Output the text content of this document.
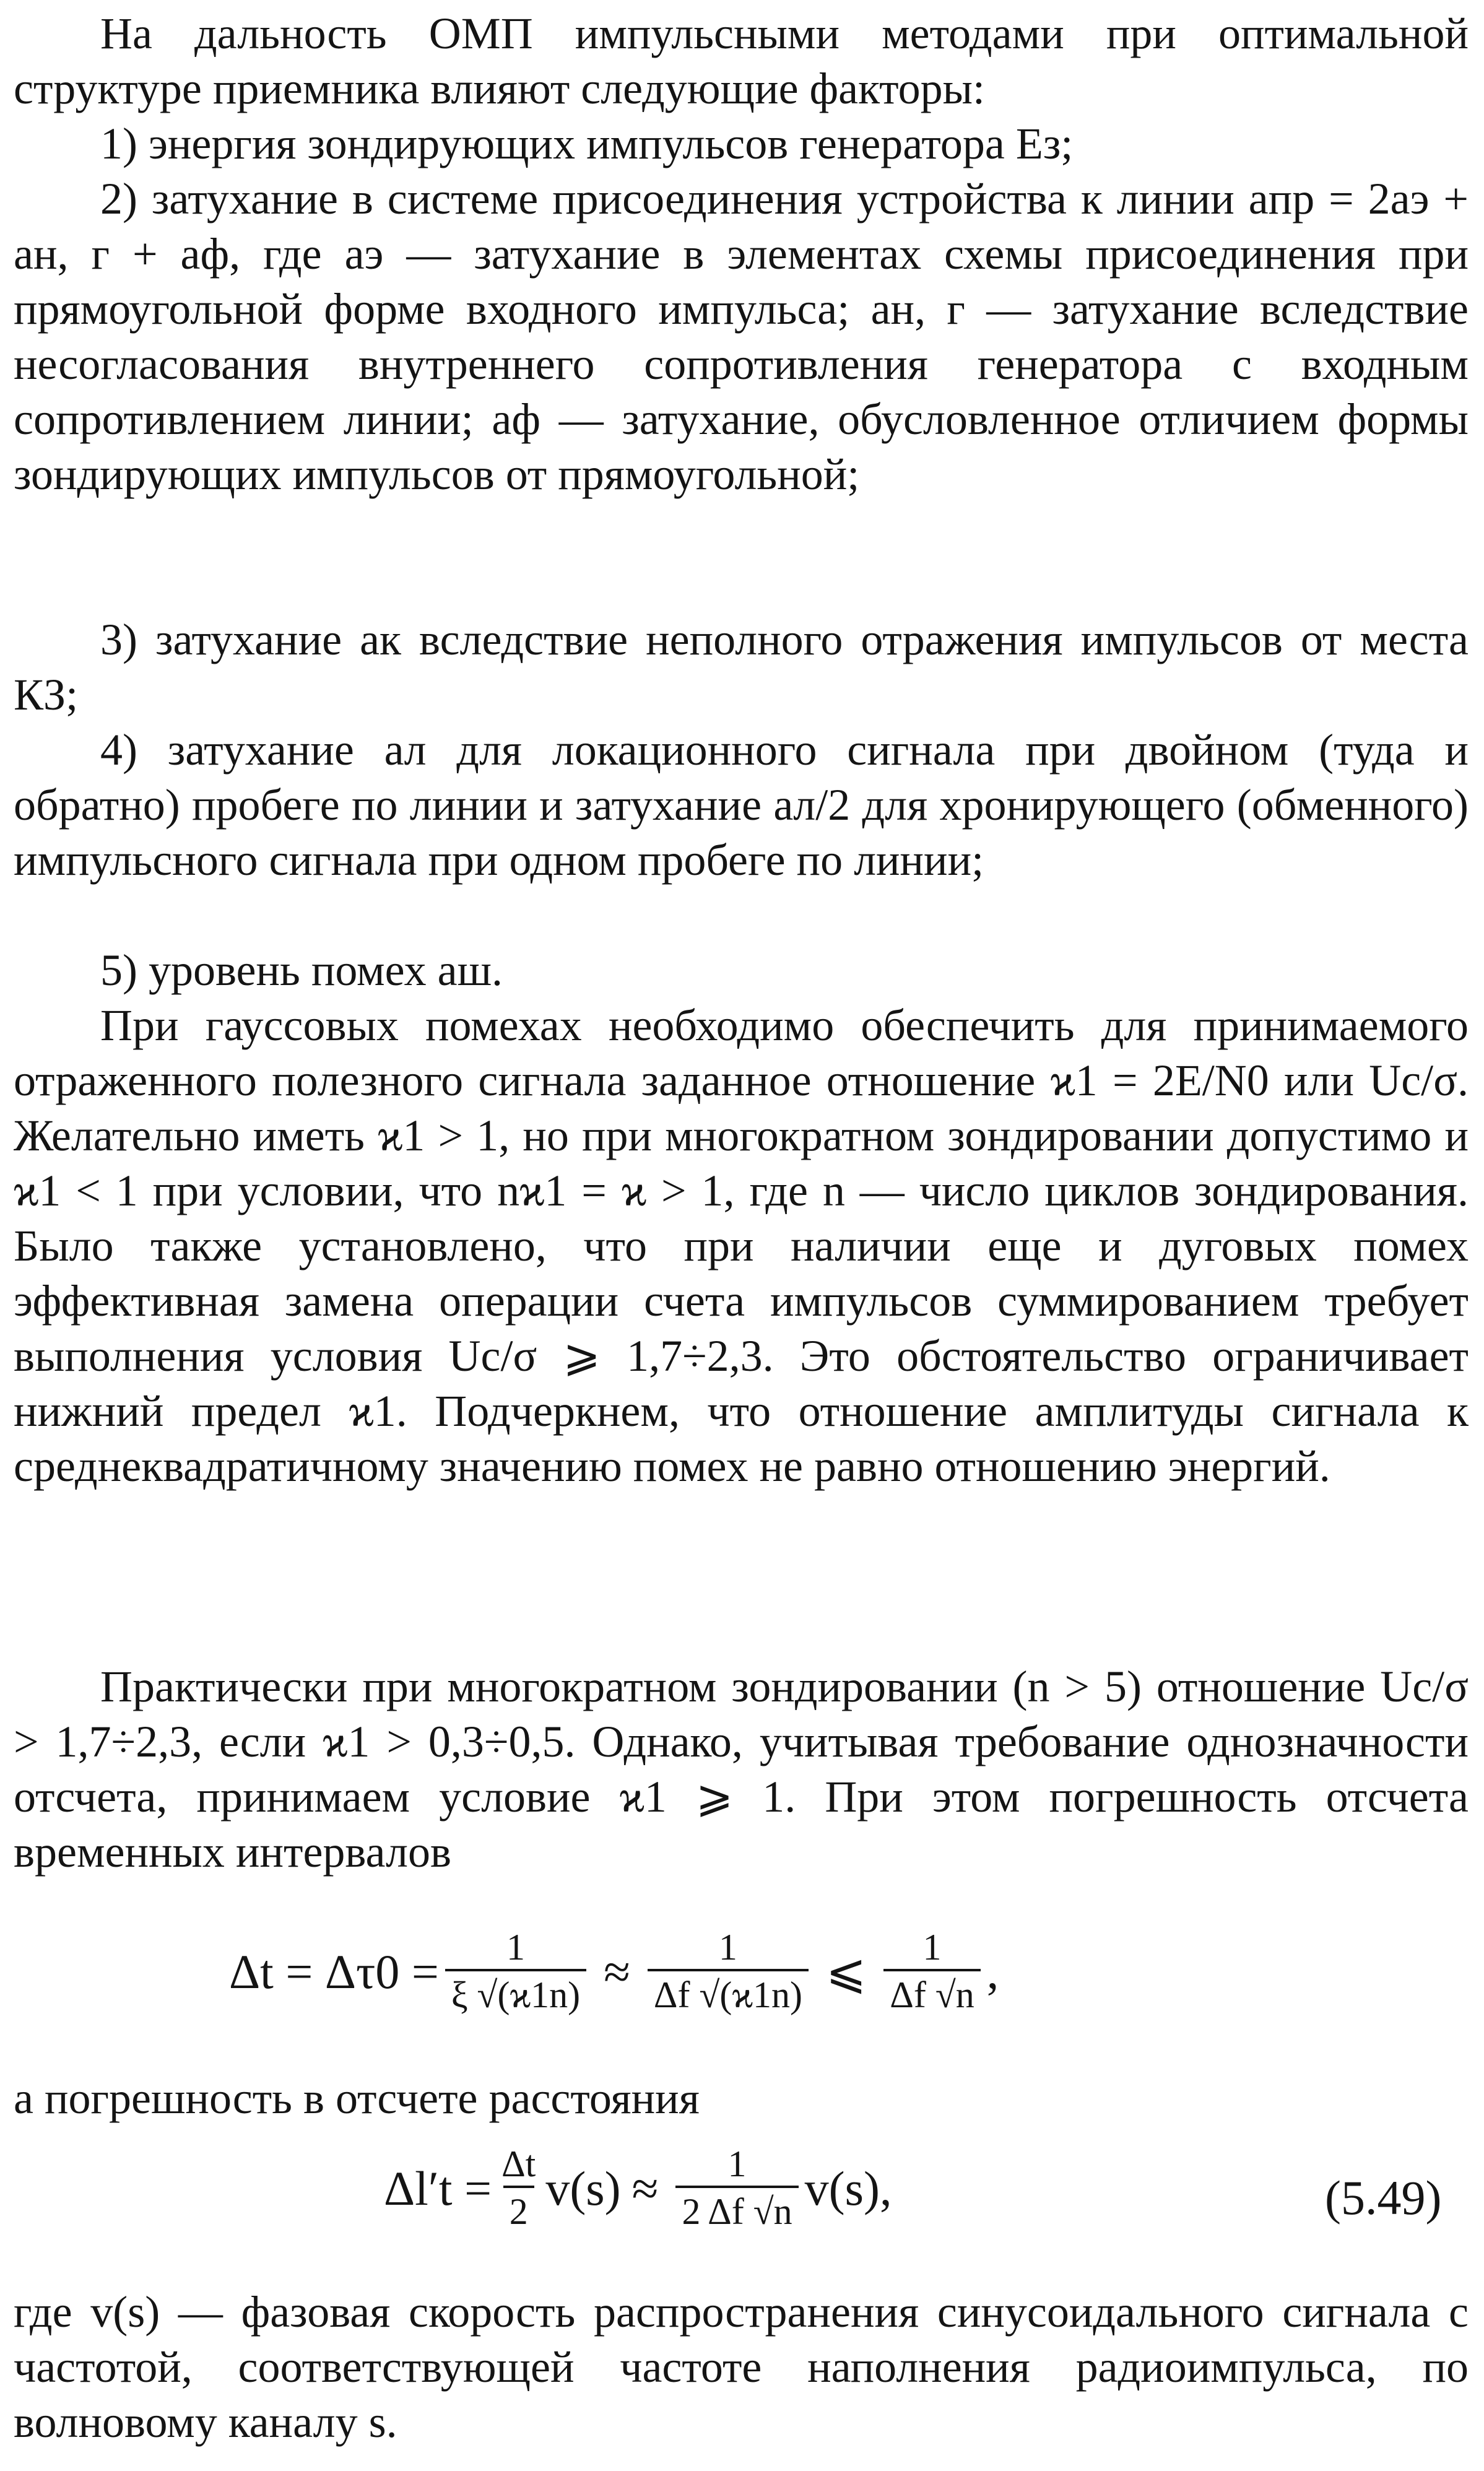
На дальность ОМП импульсными методами при оптимальной структуре приемника влияют следующие факторы:

1) энергия зондирующих импульсов генератора Eз;

2) затухание в системе присоединения устройства к линии aпр = 2aэ + aн, г + aф, где aэ — затухание в элементах схемы присоединения при прямоугольной форме входного импульса; aн, г — затухание вследствие несогласования внутреннего сопротивления генератора с входным сопротивлением линии; aф — затухание, обусловленное отличием формы зондирующих импульсов от прямоугольной;

3) затухание aк вследствие неполного отражения импульсов от места КЗ;

4) затухание aл для локационного сигнала при двойном (туда и обратно) пробеге по линии и затухание aл/2 для хронирующего (обменного) импульсного сигнала при одном пробеге по линии;

5) уровень помех aш.

При гауссовых помехах необходимо обеспечить для принимаемого отраженного полезного сигнала заданное отношение ϰ1 = 2E/N0 или Uc/σ. Желательно иметь ϰ1 > 1, но при многократном зондировании допустимо и ϰ1 < 1 при условии, что nϰ1 = ϰ > 1, где n — число циклов зондирования. Было также установлено, что при наличии еще и дуговых помех эффективная замена операции счета импульсов суммированием требует выполнения условия Uc/σ ⩾ 1,7÷2,3. Это обстоятельство ограничивает нижний предел ϰ1. Подчеркнем, что отношение амплитуды сигнала к среднеквадратичному значению помех не равно отношению энергий.

Практически при многократном зондировании (n > 5) отношение Uc/σ > 1,7÷2,3, если ϰ1 > 0,3÷0,5. Однако, учитывая требование однозначности отсчета, принимаем условие ϰ1 ⩾ 1. При этом погрешность отсчета временных интервалов

$\Delta t = \Delta\tau 0 = \frac{1}{\xi √(ϰ1n)} \approx \frac{1}{\Delta f √(ϰ1n)}$ ⩽ $\frac{1}{\Delta f √n}$ ,

а погрешность в отсчете расстояния

$\Delta l't = \frac{\Delta t}{2} v(s) \approx \frac{1}{2 \Delta f √n} v(s)$,	(5.49)

где v(s) — фазовая скорость распространения синусоидального сигнала с частотой, соответствующей частоте наполнения радиоимпульса, по волновому каналу s.
